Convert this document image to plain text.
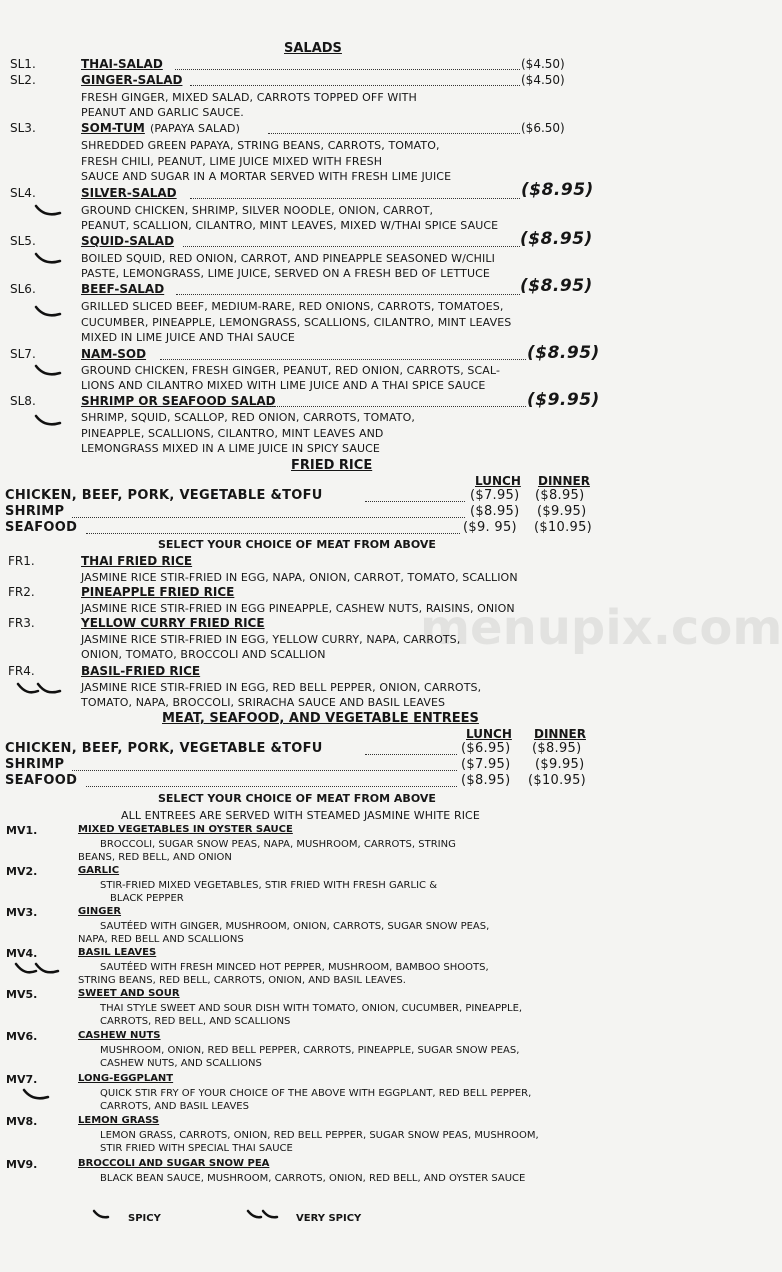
SALADS
SL1.	THAI-SALAD	($4.50)
SL2.	GINGER-SALAD	($4.50)
FRESH GINGER, MIXED SALAD, CARROTS TOPPED OFF WITH
PEANUT AND GARLIC SAUCE.
SL3.	SOM-TUM (PAPAYA SALAD)	($6.50)
SHREDDED GREEN PAPAYA, STRING BEANS, CARROTS, TOMATO,
FRESH CHILI, PEANUT, LIME JUICE MIXED WITH FRESH
SAUCE AND SUGAR IN A MORTAR SERVED WITH FRESH LIME JUICE
SL4.	SILVER-SALAD	($8.95)
GROUND CHICKEN, SHRIMP, SILVER NOODLE, ONION, CARROT,
PEANUT, SCALLION, CILANTRO, MINT LEAVES, MIXED W/THAI SPICE SAUCE
SL5.	SQUID-SALAD	($8.95)
BOILED SQUID, RED ONION, CARROT, AND PINEAPPLE SEASONED W/CHILI
PASTE, LEMONGRASS, LIME JUICE, SERVED ON A FRESH BED OF LETTUCE
SL6.	BEEF-SALAD	($8.95)
GRILLED SLICED BEEF, MEDIUM-RARE, RED ONIONS, CARROTS, TOMATOES,
CUCUMBER, PINEAPPLE, LEMONGRASS, SCALLIONS, CILANTRO, MINT LEAVES
MIXED IN LIME JUICE AND THAI SAUCE
SL7.	NAM-SOD	($8.95)
GROUND CHICKEN, FRESH GINGER, PEANUT, RED ONION, CARROTS, SCAL-
LIONS AND CILANTRO MIXED WITH LIME JUICE AND A THAI SPICE SAUCE
SL8.	SHRIMP OR SEAFOOD SALAD	($9.95)
SHRIMP, SQUID, SCALLOP, RED ONION, CARROTS, TOMATO,
PINEAPPLE, SCALLIONS, CILANTRO, MINT LEAVES AND
LEMONGRASS MIXED IN A LIME JUICE IN SPICY SAUCE
FRIED RICE
LUNCH DINNER
CHICKEN, BEEF, PORK, VEGETABLE &TOFU	($7.95) ($8.95)
SHRIMP	($8.95) ($9.95)
SEAFOOD	($9. 95) ($10.95)
SELECT YOUR CHOICE OF MEAT FROM ABOVE
FR1.	THAI FRIED RICE
JASMINE RICE STIR-FRIED IN EGG, NAPA, ONION, CARROT, TOMATO, SCALLION
FR2.	PINEAPPLE FRIED RICE
JASMINE RICE STIR-FRIED IN EGG PINEAPPLE, CASHEW NUTS, RAISINS, ONION
FR3.	YELLOW CURRY FRIED RICE
JASMINE RICE STIR-FRIED IN EGG, YELLOW CURRY, NAPA, CARROTS,
ONION, TOMATO, BROCCOLI AND SCALLION
FR4.	BASIL-FRIED RICE
JASMINE RICE STIR-FRIED IN EGG, RED BELL PEPPER, ONION, CARROTS,
TOMATO, NAPA, BROCCOLI, SRIRACHA SAUCE AND BASIL LEAVES
MEAT, SEAFOOD, AND VEGETABLE ENTREES
LUNCH DINNER
CHICKEN, BEEF, PORK, VEGETABLE &TOFU	($6.95) ($8.95)
SHRIMP	($7.95) ($9.95)
SEAFOOD	($8.95) ($10.95)
SELECT YOUR CHOICE OF MEAT FROM ABOVE
ALL ENTREES ARE SERVED WITH STEAMED JASMINE WHITE RICE
MV1.	MIXED VEGETABLES IN OYSTER SAUCE
BROCCOLI, SUGAR SNOW PEAS, NAPA, MUSHROOM, CARROTS, STRING
BEANS, RED BELL, AND ONION
MV2.	GARLIC
STIR-FRIED MIXED VEGETABLES, STIR FRIED WITH FRESH GARLIC &
BLACK PEPPER
MV3.	GINGER
SAUTÉED WITH GINGER, MUSHROOM, ONION, CARROTS, SUGAR SNOW PEAS,
NAPA, RED BELL AND SCALLIONS
MV4.	BASIL LEAVES
SAUTÉED WITH FRESH MINCED HOT PEPPER, MUSHROOM, BAMBOO SHOOTS,
STRING BEANS, RED BELL, CARROTS, ONION, AND BASIL LEAVES.
MV5.	SWEET AND SOUR
THAI STYLE SWEET AND SOUR DISH WITH TOMATO, ONION, CUCUMBER, PINEAPPLE,
CARROTS, RED BELL, AND SCALLIONS
MV6.	CASHEW NUTS
MUSHROOM, ONION, RED BELL PEPPER, CARROTS, PINEAPPLE, SUGAR SNOW PEAS,
CASHEW NUTS, AND SCALLIONS
MV7.	LONG-EGGPLANT
QUICK STIR FRY OF YOUR CHOICE OF THE ABOVE WITH EGGPLANT, RED BELL PEPPER,
CARROTS, AND BASIL LEAVES
MV8.	LEMON GRASS
LEMON GRASS, CARROTS, ONION, RED BELL PEPPER, SUGAR SNOW PEAS, MUSHROOM,
STIR FRIED WITH SPECIAL THAI SAUCE
MV9.	BROCCOLI AND SUGAR SNOW PEA
BLACK BEAN SAUCE, MUSHROOM, CARROTS, ONION, RED BELL, AND OYSTER SAUCE
SPICY	VERY SPICY
menupix.com
